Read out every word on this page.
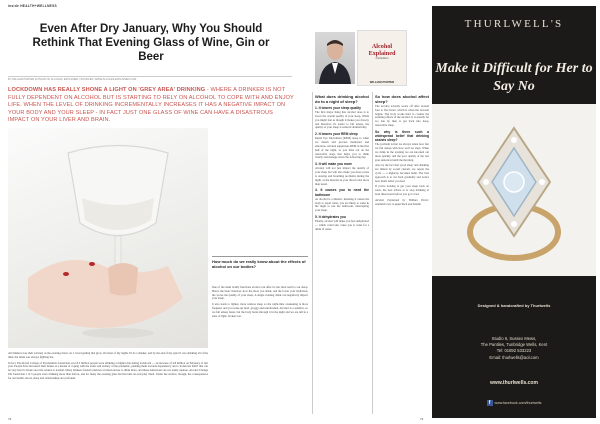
inside HEALTH+WELLNESS
Even After Dry January, Why You Should Rethink That Evening Glass of Wine, Gin or Beer
BY WILLIAM PORTER AUTHOR OF ALCOHOL EXPLAINED | SOURCES: WWW.ALCOHOLEXPLAINED.COM
LOCKDOWN HAS REALLY SHONE A LIGHT ON 'GREY AREA' DRINKING - WHERE A DRINKER IS NOT FULLY DEPENDENT ON ALCOHOL BUT IS STARTING TO RELY ON ALCOHOL TO COPE WITH AND ENJOY LIFE. WHEN THE LEVEL OF DRINKING INCREMENTALLY INCREASES IT HAS A NEGATIVE IMPACT ON YOUR BODY AND YOUR SLEEP - IN FACT JUST ONE GLASS OF WINE CAN HAVE A DISASTROUS IMPACT ON YOUR LIVER AND BRAIN.
How much do we really know about the effects of alcohol on our bodies?

All drinkers lose their sobriety as the evening draws on. I loved getting that glow. On most of my nights I'd be a drinker, and by the end of my spiral I was drinking all of the time; the drink was always fighting me.

In fact, The Royal College of Psychiatrists found that over 8.5 million people were drinking at higher risk during lockdown — an increase of 4.8 million on February of last year. People have increased their intake as a means of coping with the stress and anxiety of the pandemic, pushing them towards dependency and a 'lockdown habit' that can be very hard to break once life returns to normal. Many drinkers found lockdown an ideal excuse to drink more, and these behaviours are not easily undone. Alcohol Change UK found that 1 in 5 people were drinking more than before, and for many the evening glass had become an everyday ritual. Under the surface, though, the consequences for our health, mood, sleep and relationships are profound.

One of the main bodily functions alcohol can affect is the short term to our sleep. Here's the basic function: how the more you drink, and the lower your hydration, the worse the quality of your sleep. A single evening drink can negatively impact your sleep.

It also leads to lighter, more restless sleep so the night-time awakening is more frequent, and you wake up tired, groggy and unrefreshed. Alcohol is a sedative, so we fall asleep faster, but the body burns through it in the night and we are left in a state of light, broken rest.

Alcohol Explained
2nd Edition
WILLIAM PORTER
What does drinking alcohol do to a night of sleep?
1. It lowers your sleep quality

The first major thing that alcohol does is to lower the overall quality of your sleep. While you might feel as though it makes you drowsy and therefore it's easier to fall asleep, the quality of your sleep is reduced dramatically.

2. It lowers your REM sleep

Rapid Eye Movement (REM) sleep is when we dream and process memories and emotions. Alcohol suppresses REM in the first half of the night, so you miss out on the restorative stage that helps you to think clearly and manage stress the following day.

3. It will make you more

Alcohol will not just impact the quality of your sleep but will also make you more prone to snoring and breathing problems during the night, as the muscles in your throat relax more than usual.

4. It causes you to need the bathroom

As alcohol is a diuretic, meaning it causes the body to expel water, you are likely to wake in the night to use the bathroom, interrupting your sleep.

5. It dehydrates you

Finally, alcohol will make you feel dehydrated — which could also cause you to wake for a drink of water.

So how does alcohol affect sleep?

The alcohol actually wears off after around four to five hours, which is when the reversal begins. The body works hard to counter the sedating effects of the alcohol. It is usually far too late by then to get back into deep, restorative sleep.

So why is there such a widespread belief that drinking assists sleep?

The problem is that we always relate how fast we fall asleep with how well we slept. When we drink in the evening we are knocked out more quickly, and the poor quality of the rest goes unnoticed until the morning.

Also by the fact that 'good sleep' and drinking are linked by social custom, we repeat the cycle — a nightcap becomes habit. The best approach is to cut back gradually and notice how much better you feel.

If you're looking to get your sleep back on track, the best advice is to stop drinking at least three hours before you go to bed.

Alcohol Explained by William Porter, available now in paperback and Kindle.

72	73
THURLWELL'S
Make it Difficult for Her to Say No
Designed & handcrafted by Thurlwells
Studio 6, Sussex Mews,
The Pantiles, Tunbridge Wells, Kent
Tel: 01892 533223
Email: thurlwells@aol.com
www.thurlwells.com
f www.facebook.com/thurlwells
